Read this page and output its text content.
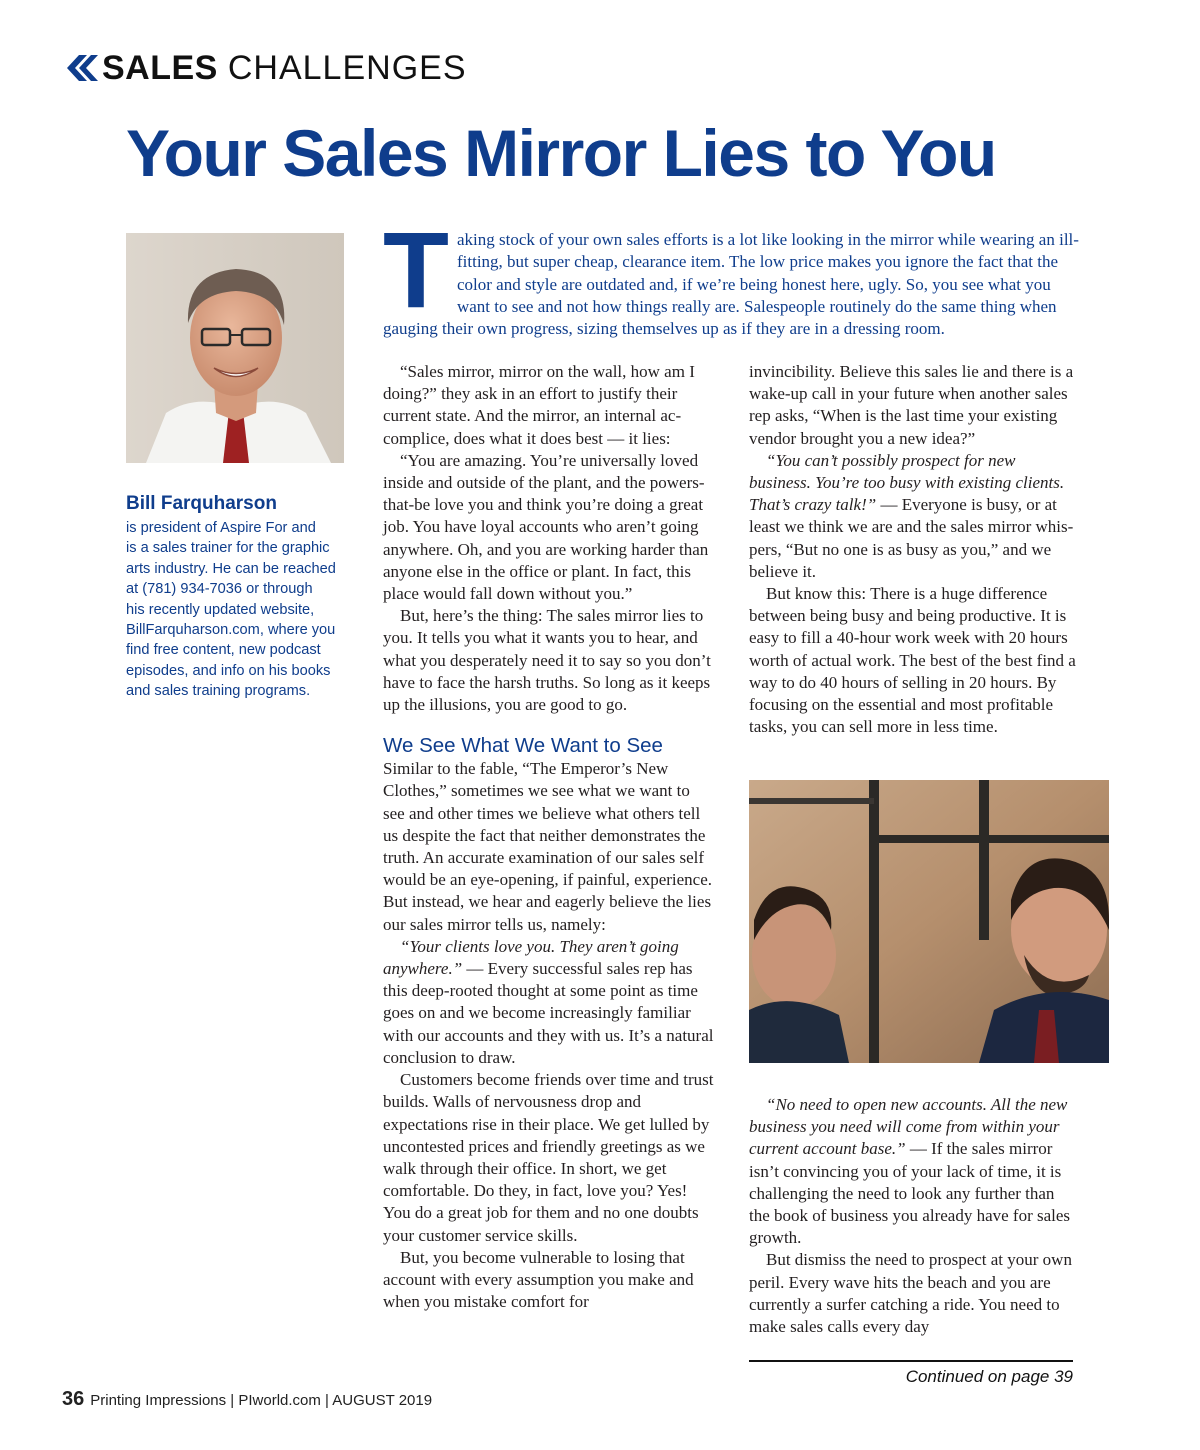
SALES CHALLENGES
Your Sales Mirror Lies to You
Bill Farquharson
is president of Aspire For and
is a sales trainer for the graphic
arts industry. He can be reached
at (781) 934-7036 or through
his recently updated website,
BillFarquharson.com, where you
find free content, new podcast
episodes, and info on his books
and sales training programs.
Taking stock of your own sales efforts is a lot like looking in the mirror while wearing an ill-fitting, but super cheap, clearance item. The low price makes you ignore the fact that the color and style are outdated and, if we’re being honest here, ugly. So, you see what you want to see and not how things really are. Salespeople routinely do the same thing when gauging their own progress, sizing themselves up as if they are in a dressing room.

“Sales mirror, mirror on the wall, how am I doing?” they ask in an effort to justify their current state. And the mirror, an internal accomplice, does what it does best — it lies:

“You are amazing. You’re universally loved inside and outside of the plant, and the powers-that-be love you and think you’re doing a great job. You have loyal accounts who aren’t going anywhere. Oh, and you are working harder than anyone else in the office or plant. In fact, this place would fall down without you.”

But, here’s the thing: The sales mirror lies to you. It tells you what it wants you to hear, and what you desperately need it to say so you don’t have to face the harsh truths. So long as it keeps up the illusions, you are good to go.

We See What We Want to See

Similar to the fable, “The Emperor’s New Clothes,” sometimes we see what we want to see and other times we believe what others tell us despite the fact that neither demonstrates the truth. An accurate examination of our sales self would be an eye-opening, if painful, experience. But instead, we hear and eagerly believe the lies our sales mirror tells us, namely:

“Your clients love you. They aren’t going anywhere.” — Every successful sales rep has this deep-rooted thought at some point as time goes on and we become increasingly familiar with our accounts and they with us. It’s a natural conclusion to draw.

Customers become friends over time and trust builds. Walls of nervousness drop and expectations rise in their place. We get lulled by uncontested prices and friendly greetings as we walk through their office. In short, we get comfortable. Do they, in fact, love you? Yes! You do a great job for them and no one doubts your customer service skills.

But, you become vulnerable to losing that account with every assumption you make and when you mistake comfort for

invincibility. Believe this sales lie and there is a wake-up call in your future when another sales rep asks, “When is the last time your existing vendor brought you a new idea?”

“You can’t possibly prospect for new business. You’re too busy with existing clients. That’s crazy talk!” — Everyone is busy, or at least we think we are and the sales mirror whispers, “But no one is as busy as you,” and we believe it.

But know this: There is a huge difference between being busy and being productive. It is easy to fill a 40-hour work week with 20 hours worth of actual work. The best of the best find a way to do 40 hours of selling in 20 hours. By focusing on the essential and most profitable tasks, you can sell more in less time.

“No need to open new accounts. All the new business you need will come from within your current account base.” — If the sales mirror isn’t convincing you of your lack of time, it is challenging the need to look any further than the book of business you already have for sales growth.

But dismiss the need to prospect at your own peril. Every wave hits the beach and you are currently a surfer catching a ride. You need to make sales calls every day

Continued on page 39
36 Printing Impressions | PIworld.com | AUGUST 2019
